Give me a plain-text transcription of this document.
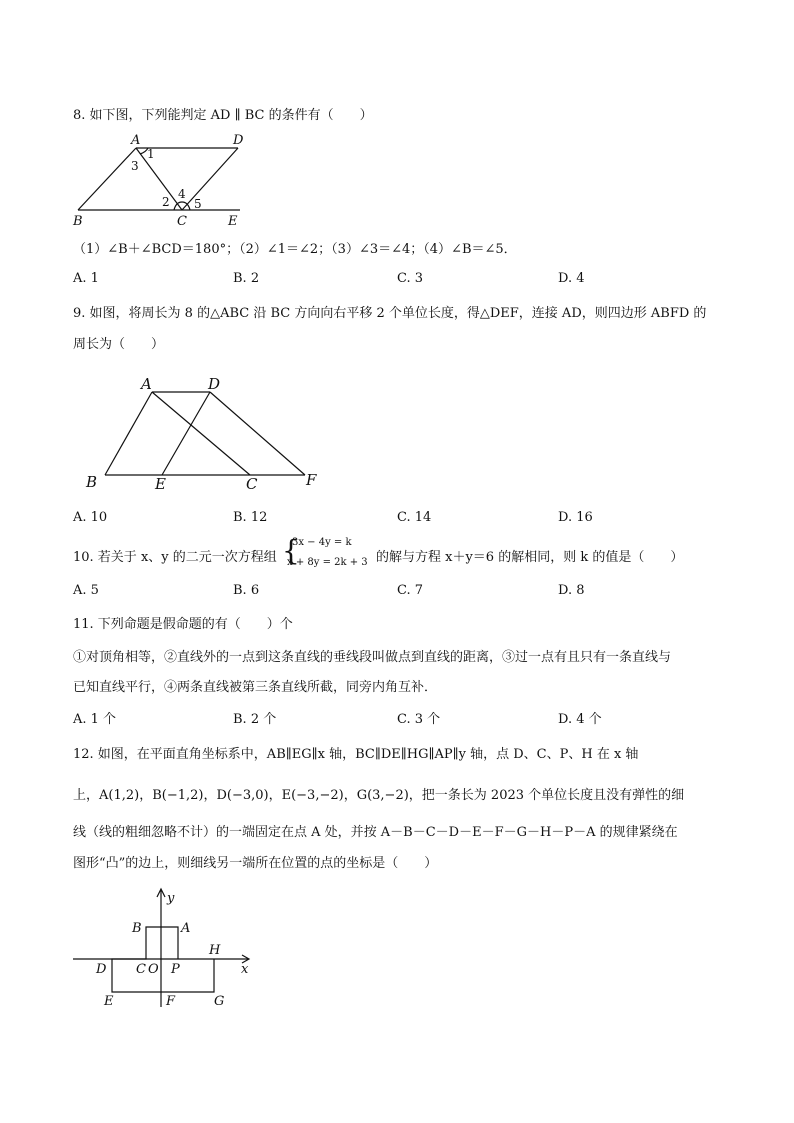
8. 如下图，下列能判定 AD ∥ BC 的条件有（　　）
A	D
B	C	E
1
2
3
4
5
（1）∠B＋∠BCD＝180°；（2）∠1＝∠2；（3）∠3＝∠4；（4）∠B＝∠5．
A. 1	B. 2	C. 3	D. 4
9. 如图，将周长为 8 的△ABC 沿 BC 方向向右平移 2 个单位长度，得△DEF，连接 AD，则四边形 ABFD 的
周长为（　　）
A	D
B	E	C	F
A. 10	B. 12	C. 14	D. 16
10. 若关于 x、y 的二元一次方程组 {
3x − 4y = k
x + 8y = 2k + 3 的解与方程 x＋y＝6 的解相同，则 k 的值是（　　）
A. 5	B. 6	C. 7	D. 8
11. 下列命题是假命题的有（　　）个
①对顶角相等，②直线外的一点到这条直线的垂线段叫做点到直线的距离，③过一点有且只有一条直线与
已知直线平行，④两条直线被第三条直线所截，同旁内角互补．
A. 1 个	B. 2 个	C. 3 个	D. 4 个
12. 如图，在平面直角坐标系中，AB∥EG∥x 轴，BC∥DE∥HG∥AP∥y 轴，点 D、C、P、H 在 x 轴
上，A(1,2)，B(−1,2)，D(−3,0)，E(−3,−2)，G(3,−2)，把一条长为 2023 个单位长度且没有弹性的细
线（线的粗细忽略不计）的一端固定在点 A 处，并按 A－B－C－D－E－F－G－H－P－A 的规律紧绕在
图形“凸”的边上，则细线另一端所在位置的点的坐标是（　　）
y
x
B	A
D C O P
H
E	F	G
